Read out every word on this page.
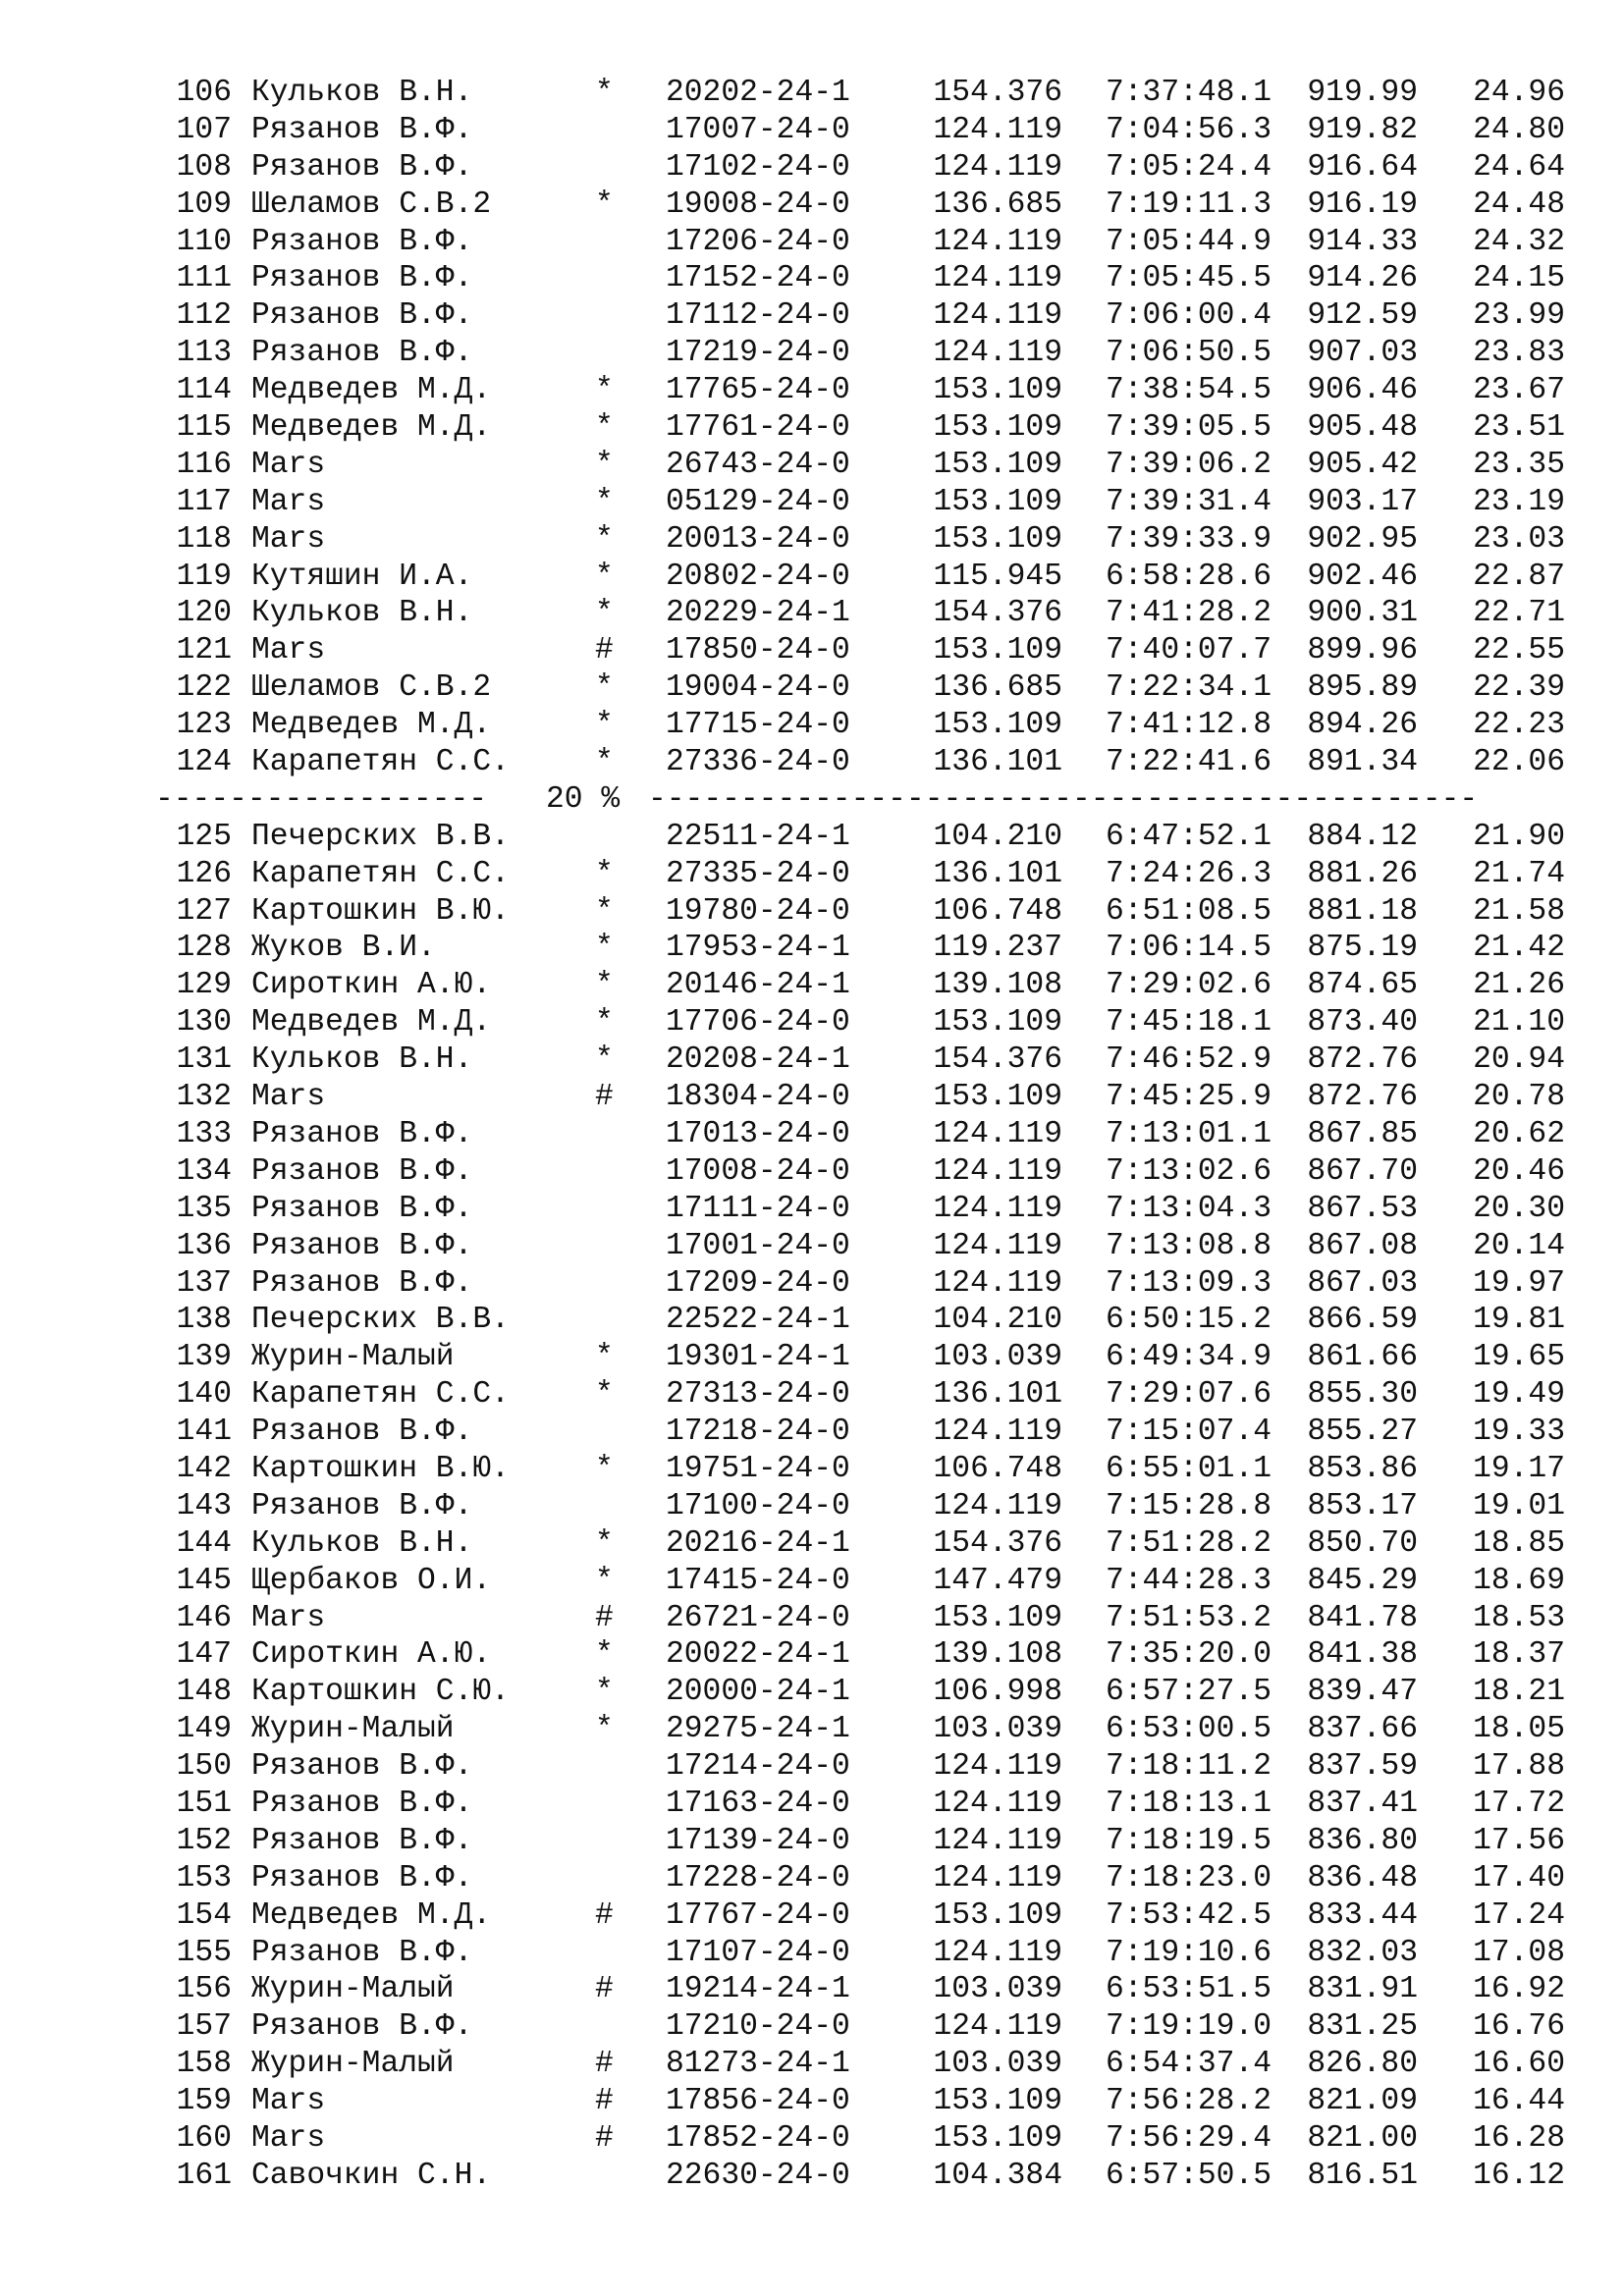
106 Кульков В.Н.	* 20202-24-1	154.376 7:37:48.1	919.99	24.96
107 Рязанов В.Ф.	17007-24-0	124.119 7:04:56.3	919.82	24.80
108 Рязанов В.Ф.	17102-24-0	124.119 7:05:24.4	916.64	24.64
109 Шеламов С.В.2	* 19008-24-0	136.685 7:19:11.3	916.19	24.48
110 Рязанов В.Ф.	17206-24-0	124.119 7:05:44.9	914.33	24.32
111 Рязанов В.Ф.	17152-24-0	124.119 7:05:45.5	914.26	24.15
112 Рязанов В.Ф.	17112-24-0	124.119 7:06:00.4	912.59	23.99
113 Рязанов В.Ф.	17219-24-0	124.119 7:06:50.5	907.03	23.83
114 Медведев М.Д.	* 17765-24-0	153.109 7:38:54.5	906.46	23.67
115 Медведев М.Д.	* 17761-24-0	153.109 7:39:05.5	905.48	23.51
116 Mars	* 26743-24-0	153.109 7:39:06.2	905.42	23.35
117 Mars	* 05129-24-0	153.109 7:39:31.4	903.17	23.19
118 Mars	* 20013-24-0	153.109 7:39:33.9	902.95	23.03
119 Кутяшин И.А.	* 20802-24-0	115.945 6:58:28.6	902.46	22.87
120 Кульков В.Н.	* 20229-24-1	154.376 7:41:28.2	900.31	22.71
121 Mars	# 17850-24-0	153.109 7:40:07.7	899.96	22.55
122 Шеламов С.В.2	* 19004-24-0	136.685 7:22:34.1	895.89	22.39
123 Медведев М.Д.	* 17715-24-0	153.109 7:41:12.8	894.26	22.23
124 Карапетян С.С.	* 27336-24-0	136.101 7:22:41.6	891.34	22.06

------------------

	20 %

---------------------------------------------

125 Печерских В.В.	22511-24-1	104.210 6:47:52.1	884.12	21.90
126 Карапетян С.С.	* 27335-24-0	136.101 7:24:26.3	881.26	21.74
127 Картошкин В.Ю.	* 19780-24-0	106.748 6:51:08.5	881.18	21.58
128 Жуков В.И.	* 17953-24-1	119.237 7:06:14.5	875.19	21.42
129 Сироткин А.Ю.	* 20146-24-1	139.108 7:29:02.6	874.65	21.26
130 Медведев М.Д.	* 17706-24-0	153.109 7:45:18.1	873.40	21.10
131 Кульков В.Н.	* 20208-24-1	154.376 7:46:52.9	872.76	20.94
132 Mars	# 18304-24-0	153.109 7:45:25.9	872.76	20.78
133 Рязанов В.Ф.	17013-24-0	124.119 7:13:01.1	867.85	20.62
134 Рязанов В.Ф.	17008-24-0	124.119 7:13:02.6	867.70	20.46
135 Рязанов В.Ф.	17111-24-0	124.119 7:13:04.3	867.53	20.30
136 Рязанов В.Ф.	17001-24-0	124.119 7:13:08.8	867.08	20.14
137 Рязанов В.Ф.	17209-24-0	124.119 7:13:09.3	867.03	19.97
138 Печерских В.В.	22522-24-1	104.210 6:50:15.2	866.59	19.81
139 Журин-Малый	* 19301-24-1	103.039 6:49:34.9	861.66	19.65
140 Карапетян С.С.	* 27313-24-0	136.101 7:29:07.6	855.30	19.49
141 Рязанов В.Ф.	17218-24-0	124.119 7:15:07.4	855.27	19.33
142 Картошкин В.Ю.	* 19751-24-0	106.748 6:55:01.1	853.86	19.17
143 Рязанов В.Ф.	17100-24-0	124.119 7:15:28.8	853.17	19.01
144 Кульков В.Н.	* 20216-24-1	154.376 7:51:28.2	850.70	18.85
145 Щербаков О.И.	* 17415-24-0	147.479 7:44:28.3	845.29	18.69
146 Mars	# 26721-24-0	153.109 7:51:53.2	841.78	18.53
147 Сироткин А.Ю.	* 20022-24-1	139.108 7:35:20.0	841.38	18.37
148 Картошкин С.Ю.	* 20000-24-1	106.998 6:57:27.5	839.47	18.21
149 Журин-Малый	* 29275-24-1	103.039 6:53:00.5	837.66	18.05
150 Рязанов В.Ф.	17214-24-0	124.119 7:18:11.2	837.59	17.88
151 Рязанов В.Ф.	17163-24-0	124.119 7:18:13.1	837.41	17.72
152 Рязанов В.Ф.	17139-24-0	124.119 7:18:19.5	836.80	17.56
153 Рязанов В.Ф.	17228-24-0	124.119 7:18:23.0	836.48	17.40
154 Медведев М.Д.	# 17767-24-0	153.109 7:53:42.5	833.44	17.24
155 Рязанов В.Ф.	17107-24-0	124.119 7:19:10.6	832.03	17.08
156 Журин-Малый	# 19214-24-1	103.039 6:53:51.5	831.91	16.92
157 Рязанов В.Ф.	17210-24-0	124.119 7:19:19.0	831.25	16.76
158 Журин-Малый	# 81273-24-1	103.039 6:54:37.4	826.80	16.60
159 Mars	# 17856-24-0	153.109 7:56:28.2	821.09	16.44
160 Mars	# 17852-24-0	153.109 7:56:29.4	821.00	16.28
161 Савочкин С.Н.	22630-24-0	104.384 6:57:50.5	816.51	16.12
